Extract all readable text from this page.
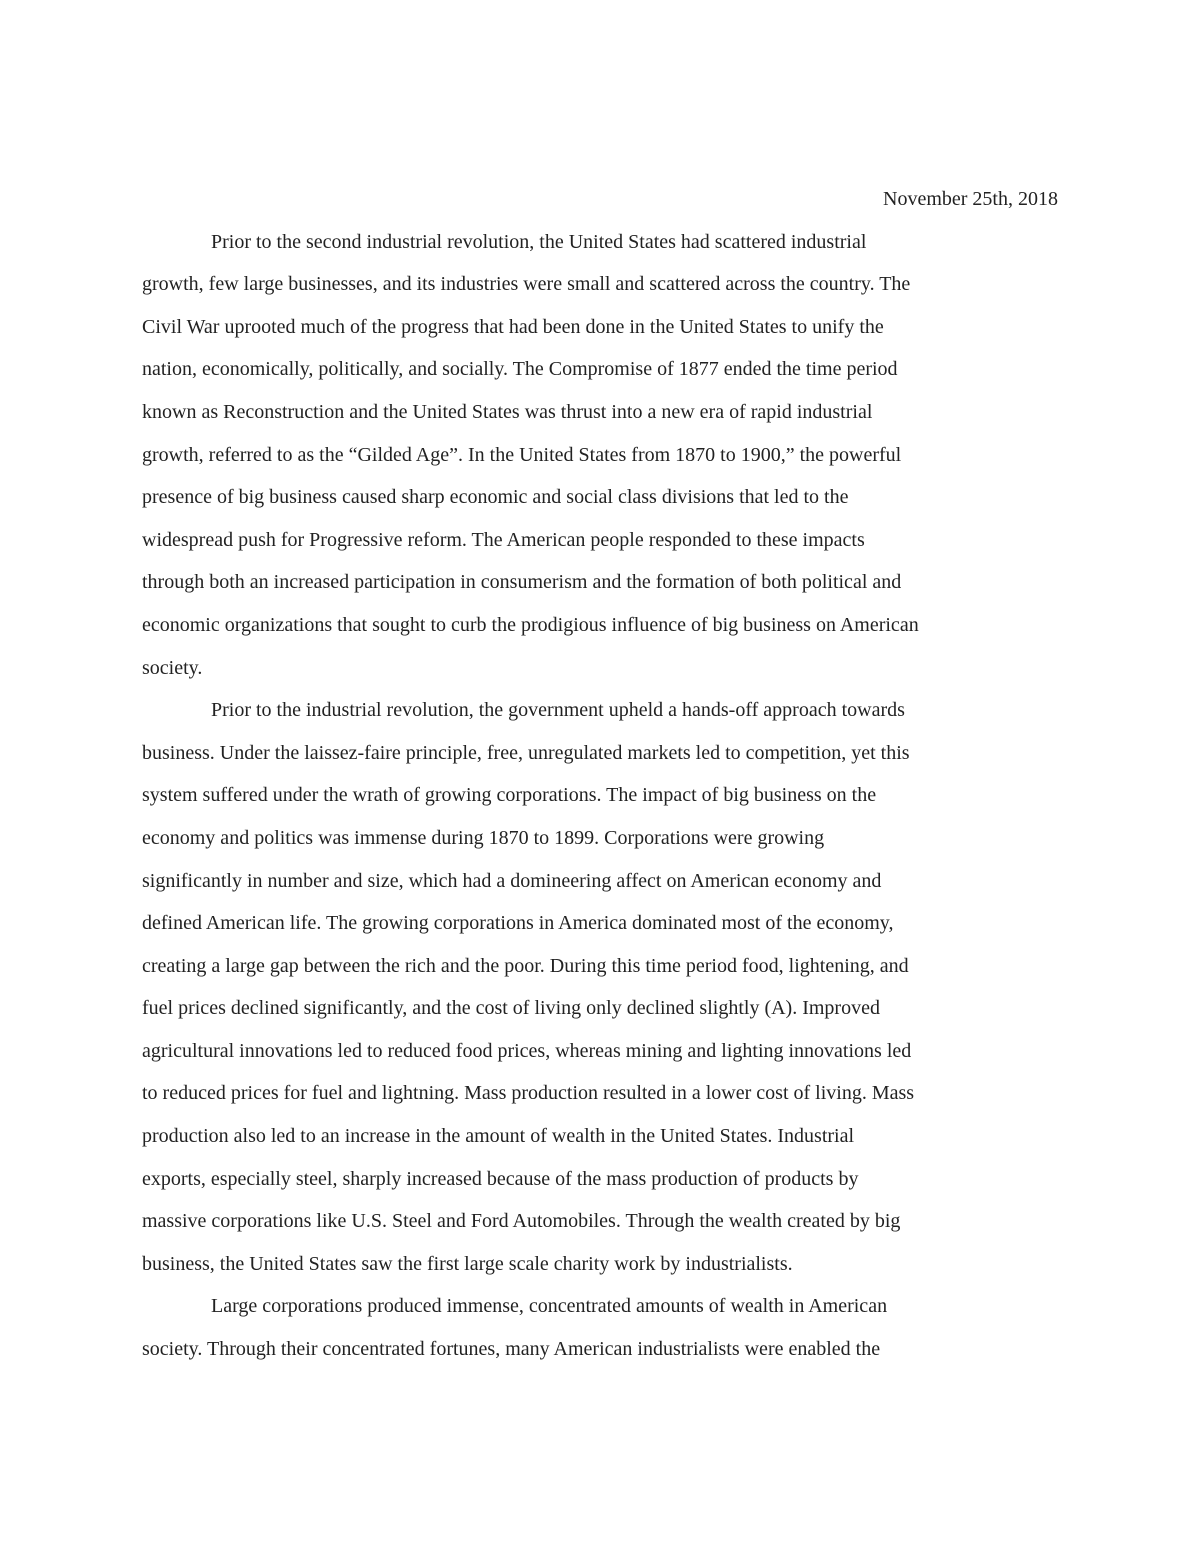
November 25th, 2018
Prior to the second industrial revolution, the United States had scattered industrial
growth, few large businesses, and its industries were small and scattered across the country. The
Civil War uprooted much of the progress that had been done in the United States to unify the
nation, economically, politically, and socially. The Compromise of 1877 ended the time period
known as Reconstruction and the United States was thrust into a new era of rapid industrial
growth, referred to as the “Gilded Age”. In the United States from 1870 to 1900,” the powerful
presence of big business caused sharp economic and social class divisions that led to the
widespread push for Progressive reform. The American people responded to these impacts
through both an increased participation in consumerism and the formation of both political and
economic organizations that sought to curb the prodigious influence of big business on American
society.
Prior to the industrial revolution, the government upheld a hands-off approach towards
business. Under the laissez-faire principle, free, unregulated markets led to competition, yet this
system suffered under the wrath of growing corporations. The impact of big business on the
economy and politics was immense during 1870 to 1899. Corporations were growing
significantly in number and size, which had a domineering affect on American economy and
defined American life. The growing corporations in America dominated most of the economy,
creating a large gap between the rich and the poor. During this time period food, lightening, and
fuel prices declined significantly, and the cost of living only declined slightly (A). Improved
agricultural innovations led to reduced food prices, whereas mining and lighting innovations led
to reduced prices for fuel and lightning. Mass production resulted in a lower cost of living. Mass
production also led to an increase in the amount of wealth in the United States. Industrial
exports, especially steel, sharply increased because of the mass production of products by
massive corporations like U.S. Steel and Ford Automobiles. Through the wealth created by big
business, the United States saw the first large scale charity work by industrialists.
Large corporations produced immense, concentrated amounts of wealth in American
society. Through their concentrated fortunes, many American industrialists were enabled the
